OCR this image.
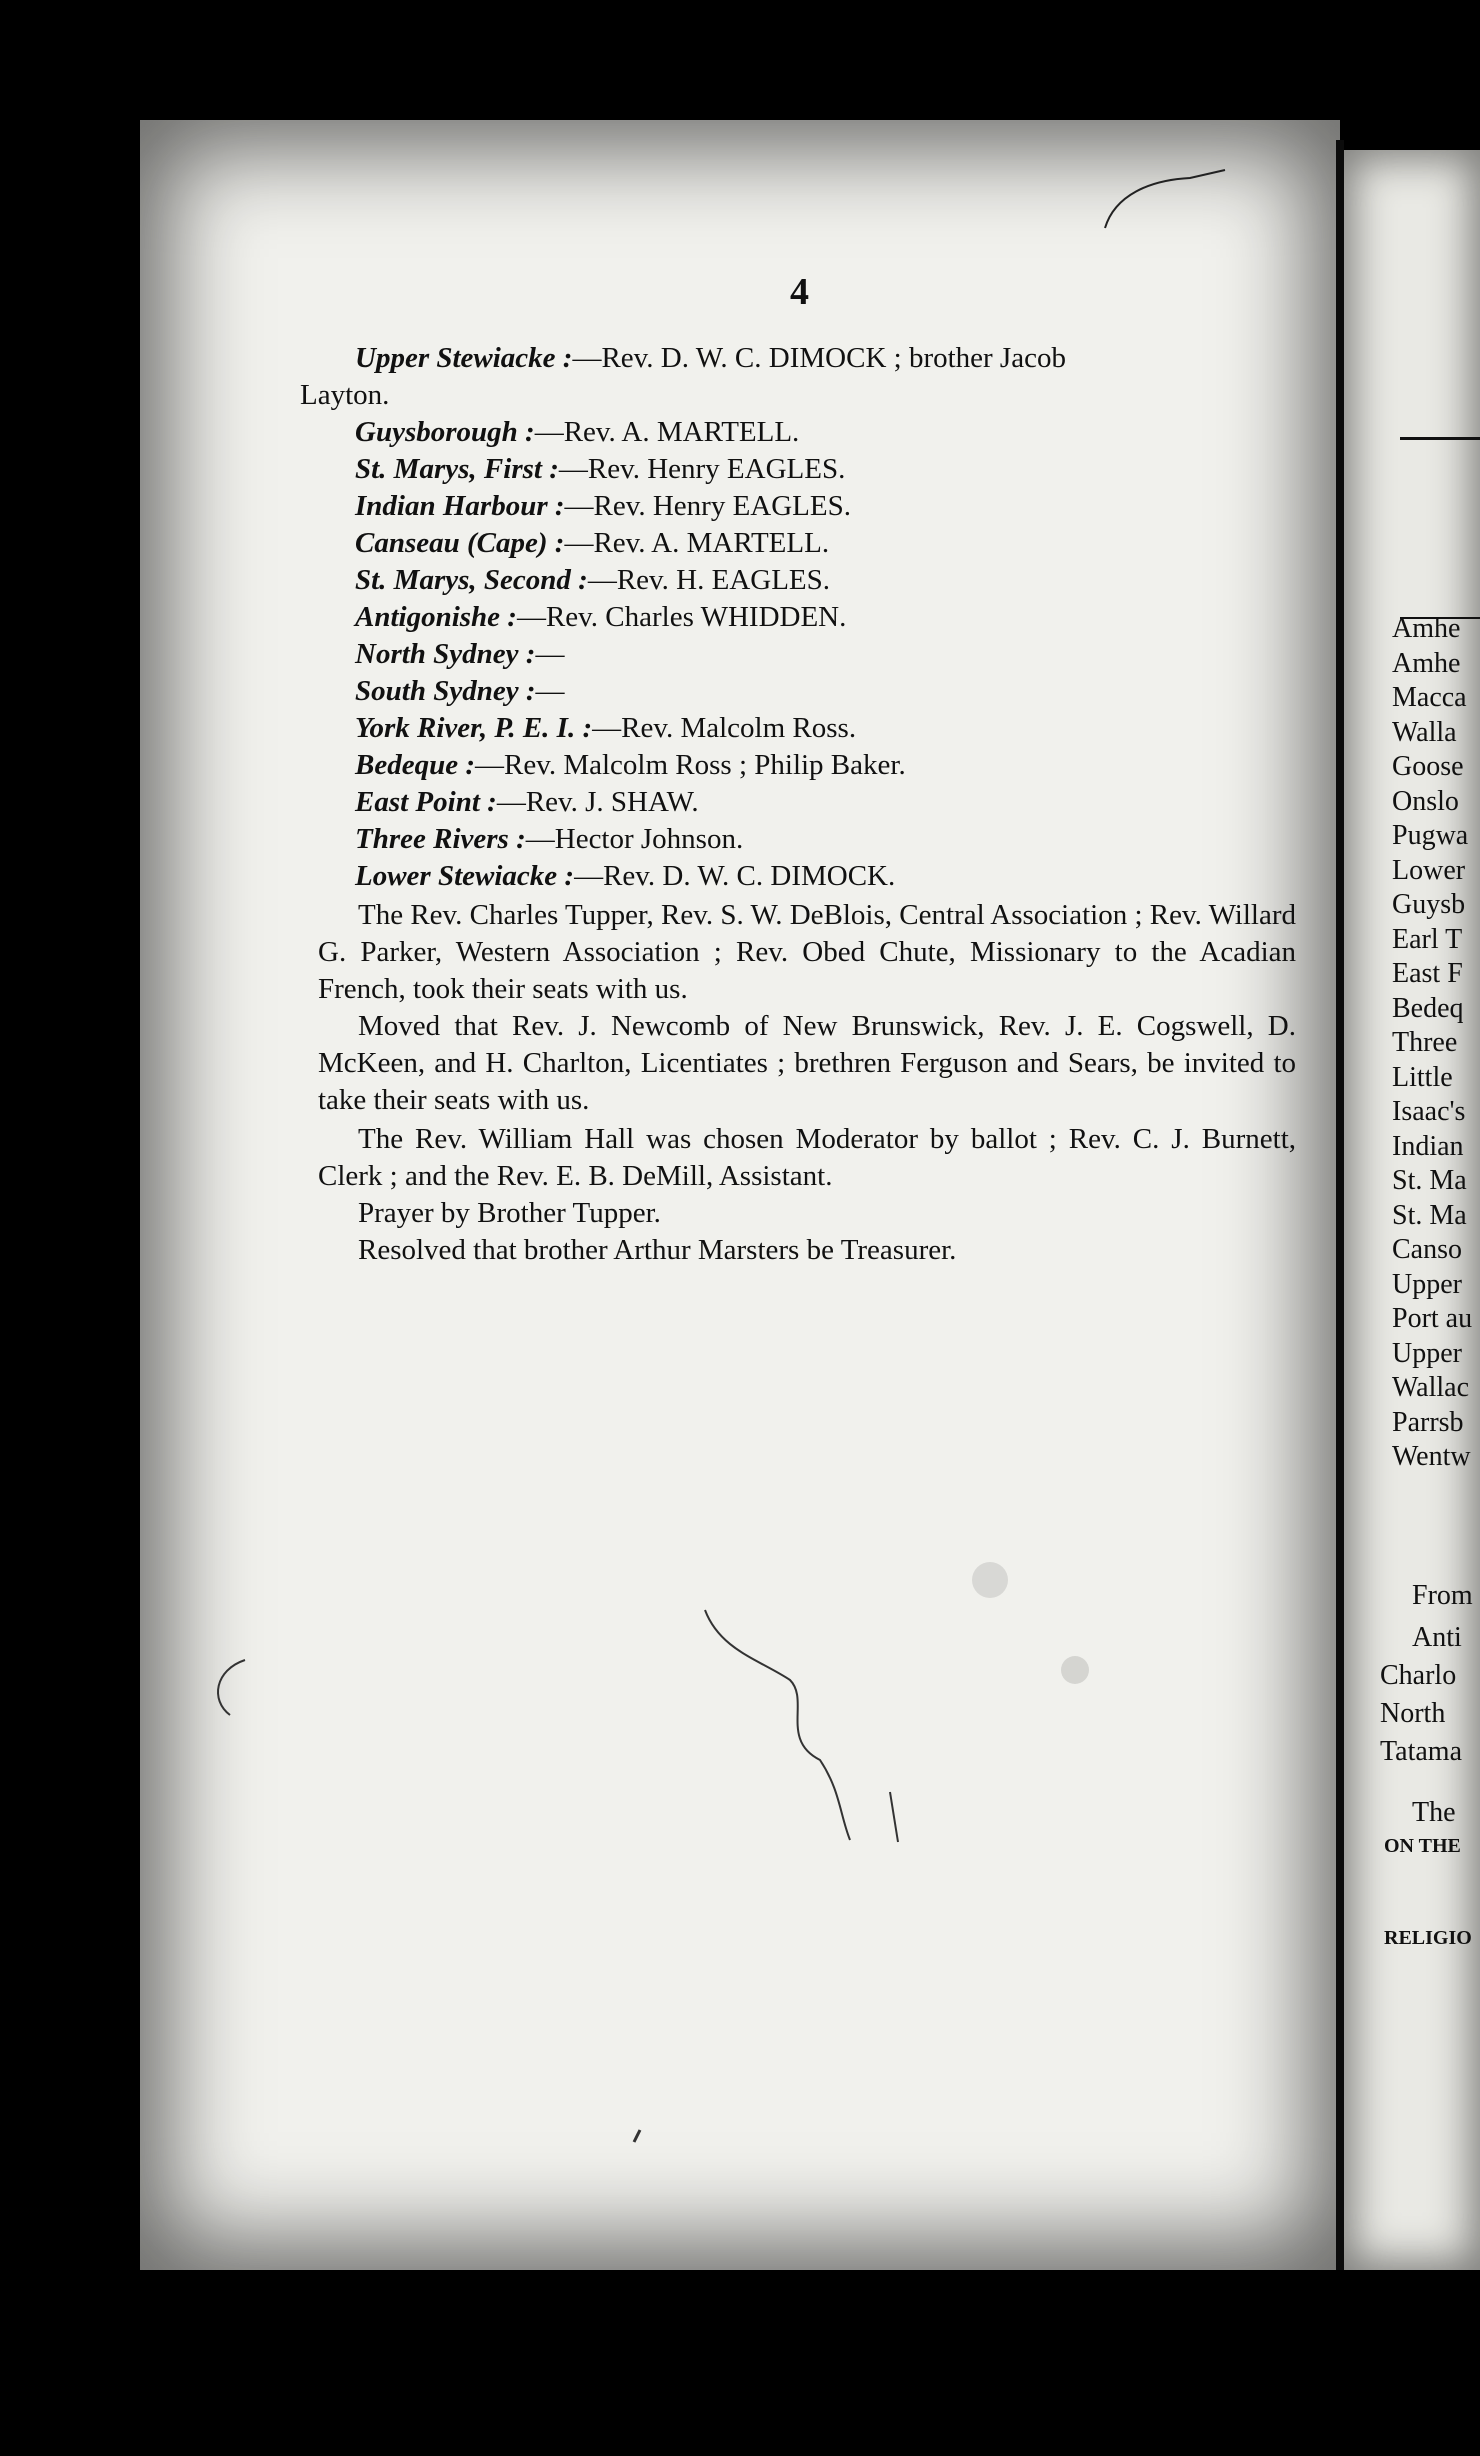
4
Upper Stewiacke :—Rev. D. W. C. DIMOCK ; brother Jacob
Layton.
Guysborough :—Rev. A. MARTELL.
St. Marys, First :—Rev. Henry EAGLES.
Indian Harbour :—Rev. Henry EAGLES.
Canseau (Cape) :—Rev. A. MARTELL.
St. Marys, Second :—Rev. H. EAGLES.
Antigonishe :—Rev. Charles WHIDDEN.
North Sydney :—
South Sydney :—
York River, P. E. I. :—Rev. Malcolm Ross.
Bedeque :—Rev. Malcolm Ross ; Philip Baker.
East Point :—Rev. J. SHAW.
Three Rivers :—Hector Johnson.
Lower Stewiacke :—Rev. D. W. C. DIMOCK.
The Rev. Charles Tupper, Rev. S. W. DeBlois, Central Association ; Rev. Willard G. Parker, Western Association ; Rev. Obed Chute, Missionary to the Acadian French, took their seats with us.
Moved that Rev. J. Newcomb of New Brunswick, Rev. J. E. Cogswell, D. McKeen, and H. Charlton, Licentiates ; brethren Ferguson and Sears, be invited to take their seats with us.
The Rev. William Hall was chosen Moderator by ballot ; Rev. C. J. Burnett, Clerk ; and the Rev. E. B. DeMill, Assistant.
Prayer by Brother Tupper.
Resolved that brother Arthur Marsters be Treasurer.
Amhe
Amhe
Macca
Walla
Goose
Onslo
Pugwa
Lower
Guysb
Earl T
East F
Bedeq
Three
Little
Isaac's
Indian
St. Ma
St. Ma
Canso
Upper
Port au
Upper
Wallac
Parrsb
Wentw
From
Anti
Charlo
North
Tatama
The
ON THE
RELIGIO
